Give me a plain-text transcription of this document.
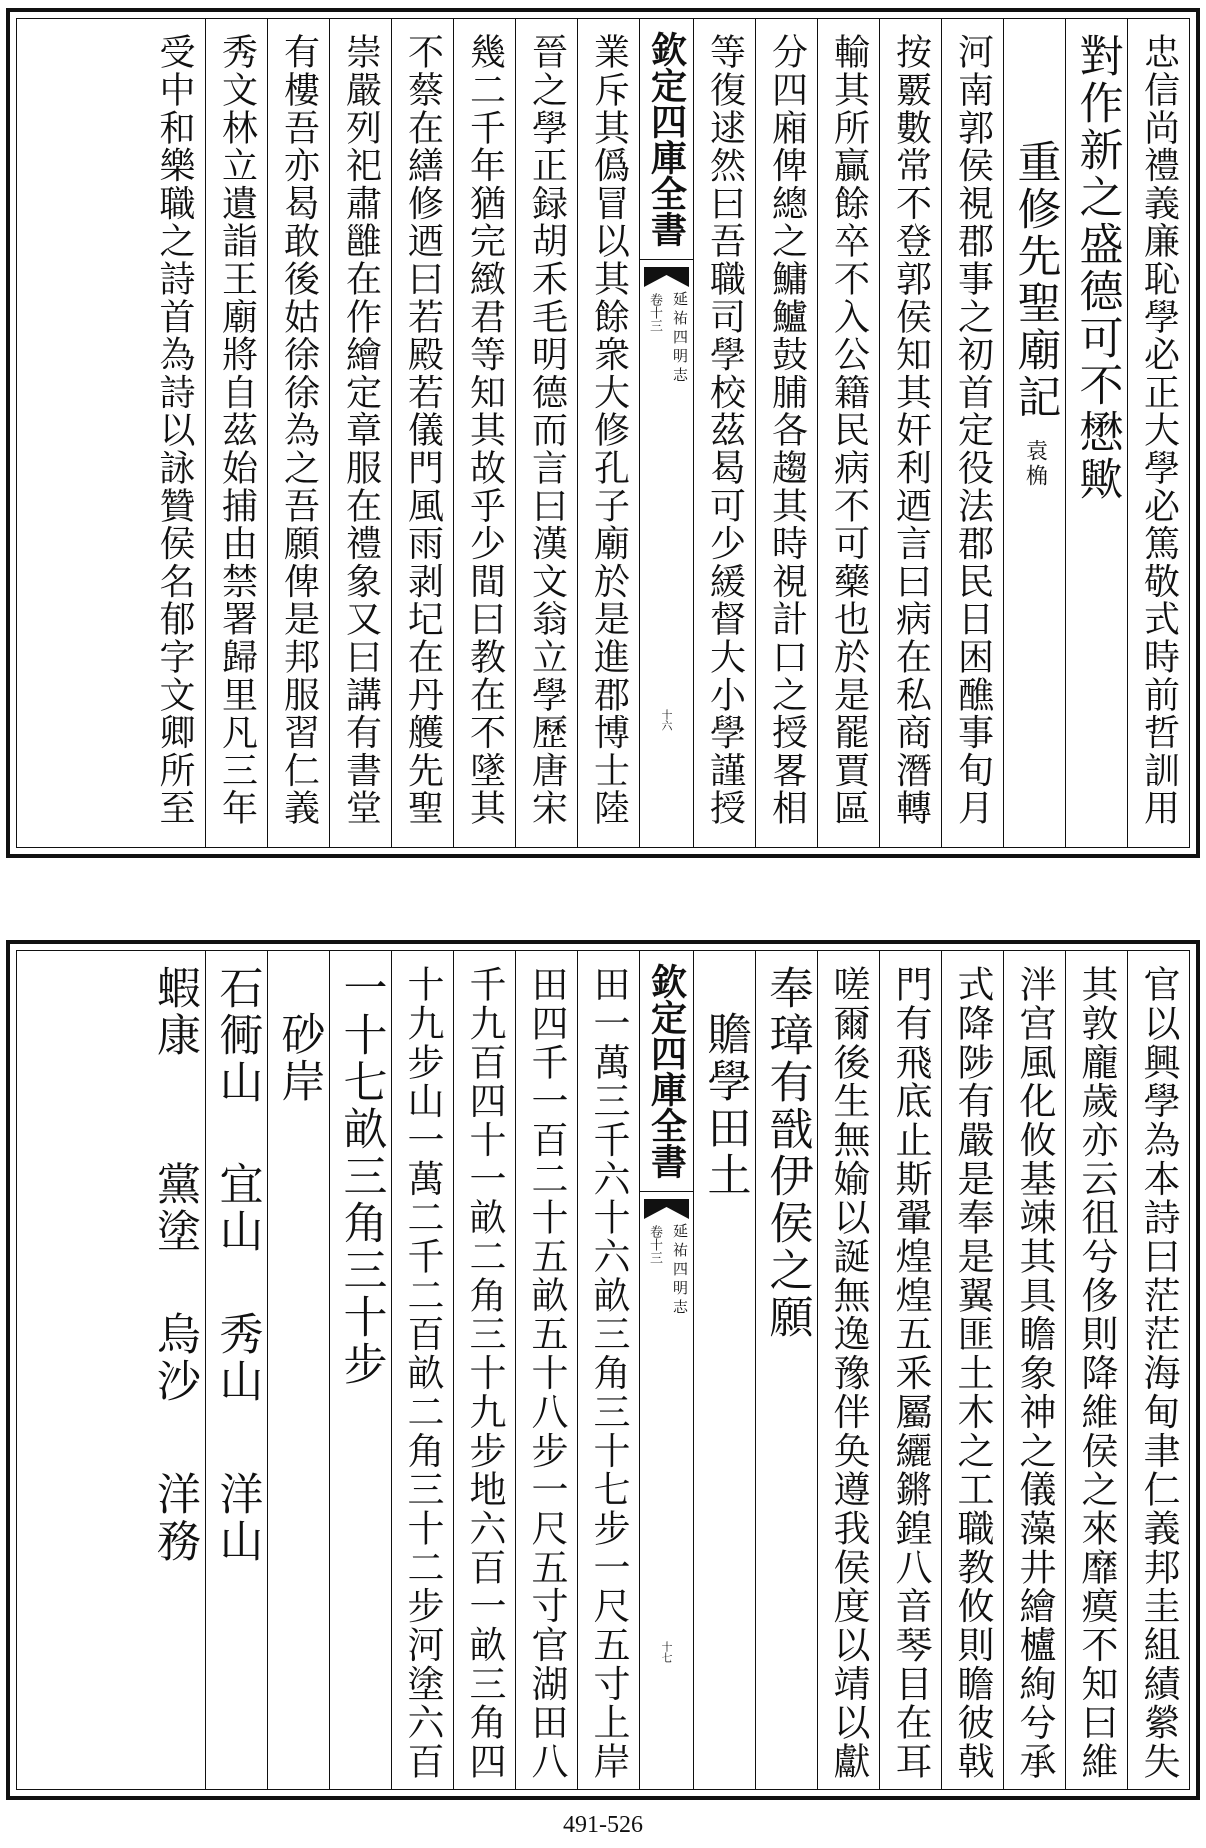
忠信尚禮義廉恥學必正大學必篤敬式時前哲訓用
對作新之盛德可不懋歟
重修先聖廟記
袁桷
河南郭侯視郡事之初首定役法郡民日困醮事旬月
按覈數常不登郭侯知其奸利迺言曰病在私商潛轉
輸其所贏餘卒不入公籍民病不可藥也於是罷賈區
分四廂俾總之鱅鱸鼓脯各趨其時視計口之授畧相
等復逑然曰吾職司學校茲曷可少緩督大小學謹授
欽定四庫全書
延祐四明志
卷十三
十六
業斥其僞冒以其餘衆大修孔子廟於是進郡博士陸
晉之學正録胡禾毛明德而言曰漢文翁立學歷唐宋
幾二千年猶完緻君等知其故乎少間曰教在不墜其
不蔡在繕修迺曰若殿若儀門風雨剥圮在丹艧先聖
崇嚴列祀肅雝在作繪定章服在禮象又曰講有書堂
有樓吾亦曷敢後姑徐徐為之吾願俾是邦服習仁義
秀文林立遺詣王廟將自茲始捕由禁署歸里凡三年
受中和樂職之詩首為詩以詠贊侯名郁字文卿所至
官以興學為本詩曰茫茫海甸聿仁義邦圭組績縈失
其敦龐歲亦云徂兮侈則降維侯之來靡瘼不知曰維
泮宫風化攸基竦其具瞻象神之儀藻井繪櫨絢兮承
式降陟有嚴是奉是翼匪土木之工職教攸則瞻彼戟
門有飛底止斯翬煌煌五釆屬纚鏘鍠八音琴目在耳
嗟爾後生無媮以誕無逸豫伴奂遵我侯度以靖以獻
奉璋有戩伊侯之願
贍學田土
欽定四庫全書
延祐四明志
卷十三
十七
田一萬三千六十六畝三角三十七步一尺五寸上岸
田四千一百二十五畝五十八步一尺五寸官湖田八
千九百四十一畝二角三十九步地六百一畝三角四
十九步山一萬二千二百畝二角三十二步河塗六百
一十七畝三角三十步
砂岸
石衕山
宜山
秀山
洋山
蝦康
黨塗
烏沙
洋務
491-526
